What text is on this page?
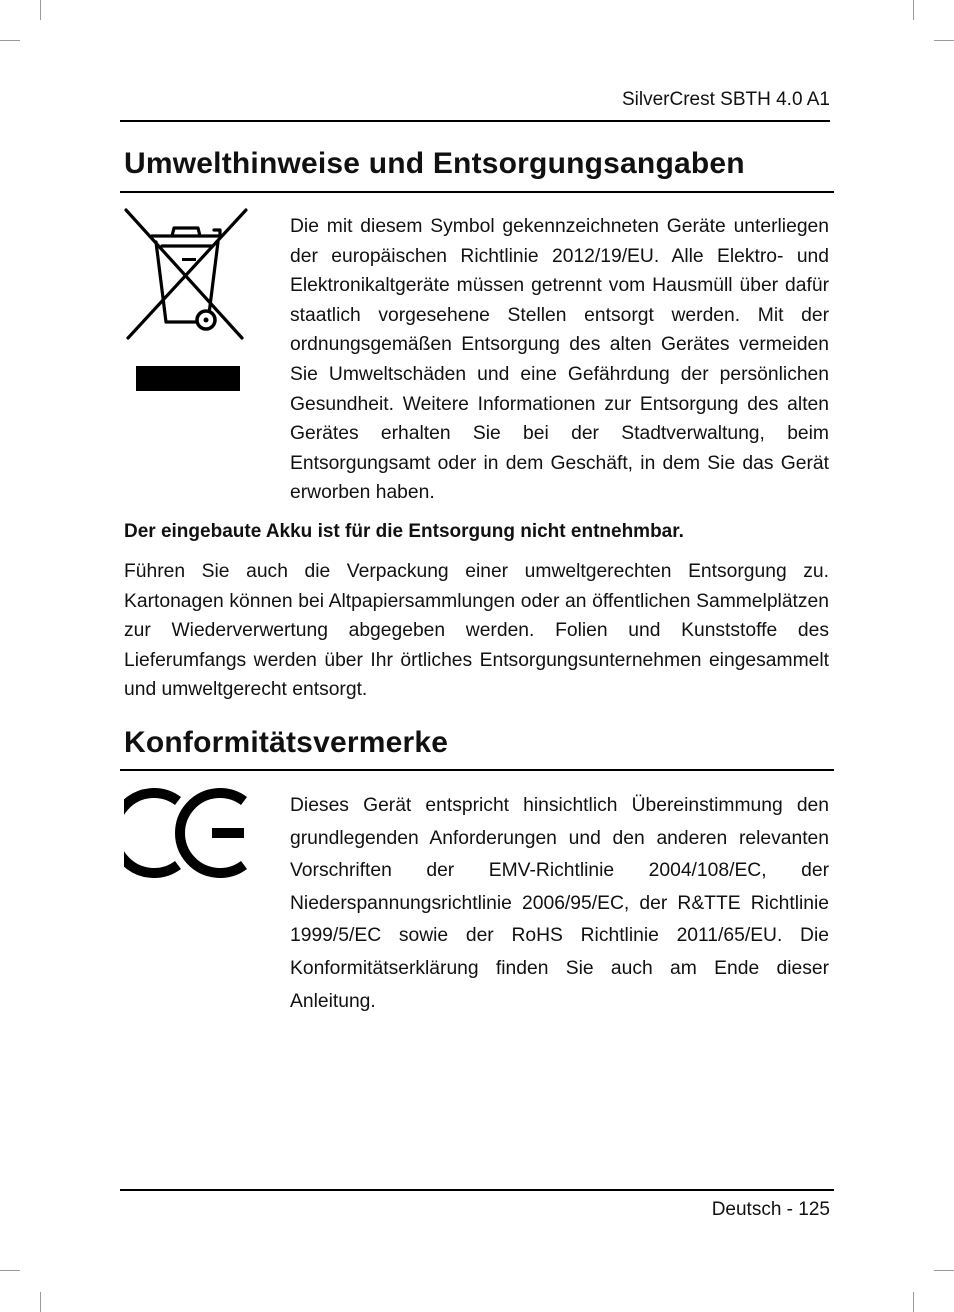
SilverCrest SBTH 4.0 A1
Umwelthinweise und Entsorgungsangaben

Die mit diesem Symbol gekennzeichneten Geräte unterliegen der europäischen Richtlinie 2012/19/EU. Alle Elektro- und Elektronikaltgeräte müssen getrennt vom Hausmüll über dafür staatlich vorgesehene Stellen entsorgt werden. Mit der ordnungsgemäßen Entsorgung des alten Gerätes vermeiden Sie Umweltschäden und eine Gefährdung der persönlichen Gesundheit. Weitere Informationen zur Entsorgung des alten Gerätes erhalten Sie bei der Stadtverwaltung, beim Entsorgungsamt oder in dem Geschäft, in dem Sie das Gerät erworben haben.

Der eingebaute Akku ist für die Entsorgung nicht entnehmbar.

Führen Sie auch die Verpackung einer umweltgerechten Entsorgung zu. Kartonagen können bei Altpapiersammlungen oder an öffentlichen Sammelplätzen zur Wiederverwertung abgegeben werden. Folien und Kunststoffe des Lieferumfangs werden über Ihr örtliches Entsorgungsunternehmen eingesammelt und umweltgerecht entsorgt.

Konformitätsvermerke

Dieses Gerät entspricht hinsichtlich Übereinstimmung den grundlegenden Anforderungen und den anderen relevanten Vorschriften der EMV-Richtlinie 2004/108/EC, der Niederspannungsrichtlinie 2006/95/EC, der R&TTE Richtlinie 1999/5/EC sowie der RoHS Richtlinie 2011/65/EU. Die Konformitätserklärung finden Sie auch am Ende dieser Anleitung.

Deutsch - 125
